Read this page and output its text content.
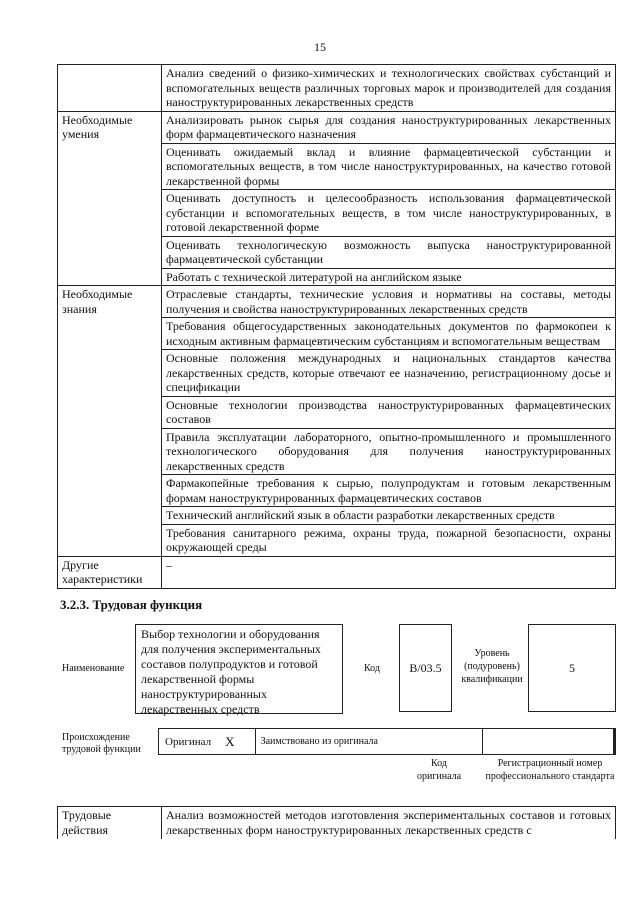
15
	Анализ сведений о физико-химических и технологических свойствах субстанций и вспомогательных веществ различных торговых марок и производителей для создания наноструктурированных лекарственных средств
Необходимые умения	Анализировать рынок сырья для создания наноструктурированных лекарственных форм фармацевтического назначения
	Оценивать ожидаемый вклад и влияние фармацевтической субстанции и вспомогательных веществ, в том числе наноструктурированных, на качество готовой лекарственной формы
	Оценивать доступность и целесообразность использования фармацевтической субстанции и вспомогательных веществ, в том числе наноструктурированных, в готовой лекарственной форме
	Оценивать технологическую возможность выпуска наноструктурированной фармацевтической субстанции
	Работать с технической литературой на английском языке
Необходимые знания	Отраслевые стандарты, технические условия и нормативы на составы, методы получения и свойства наноструктурированных лекарственных средств
	Требования общегосударственных законодательных документов по фармокопеи к исходным активным фармацевтическим субстанциям и вспомогательным веществам
	Основные положения международных и национальных стандартов качества лекарственных средств, которые отвечают ее назначению, регистрационному досье и спецификации
	Основные технологии производства наноструктурированных фармацевтических составов
	Правила эксплуатации лабораторного, опытно-промышленного и промышленного технологического оборудования для получения наноструктурированных лекарственных средств
	Фармакопейные требования к сырью, полупродуктам и готовым лекарственным формам наноструктурированных фармацевтических составов
	Технический английский язык в области разработки лекарственных средств
	Требования санитарного режима, охраны труда, пожарной безопасности, охраны окружающей среды
Другие характеристики	–
3.2.3. Трудовая функция
Наименование
Выбор технологии и оборудования для получения экспериментальных составов полупродуктов и готовой лекарственной формы наноструктурированных лекарственных средств
Код	B/03.5
Уровень (подуровень) квалификации
5
Происхождение трудовой функции
Оригинал X	Заимствовано из оригинала
Код оригинала
Регистрационный номер профессионального стандарта
Трудовые действия	Анализ возможностей методов изготовления экспериментальных составов и готовых лекарственных форм наноструктурированных лекарственных средств с
